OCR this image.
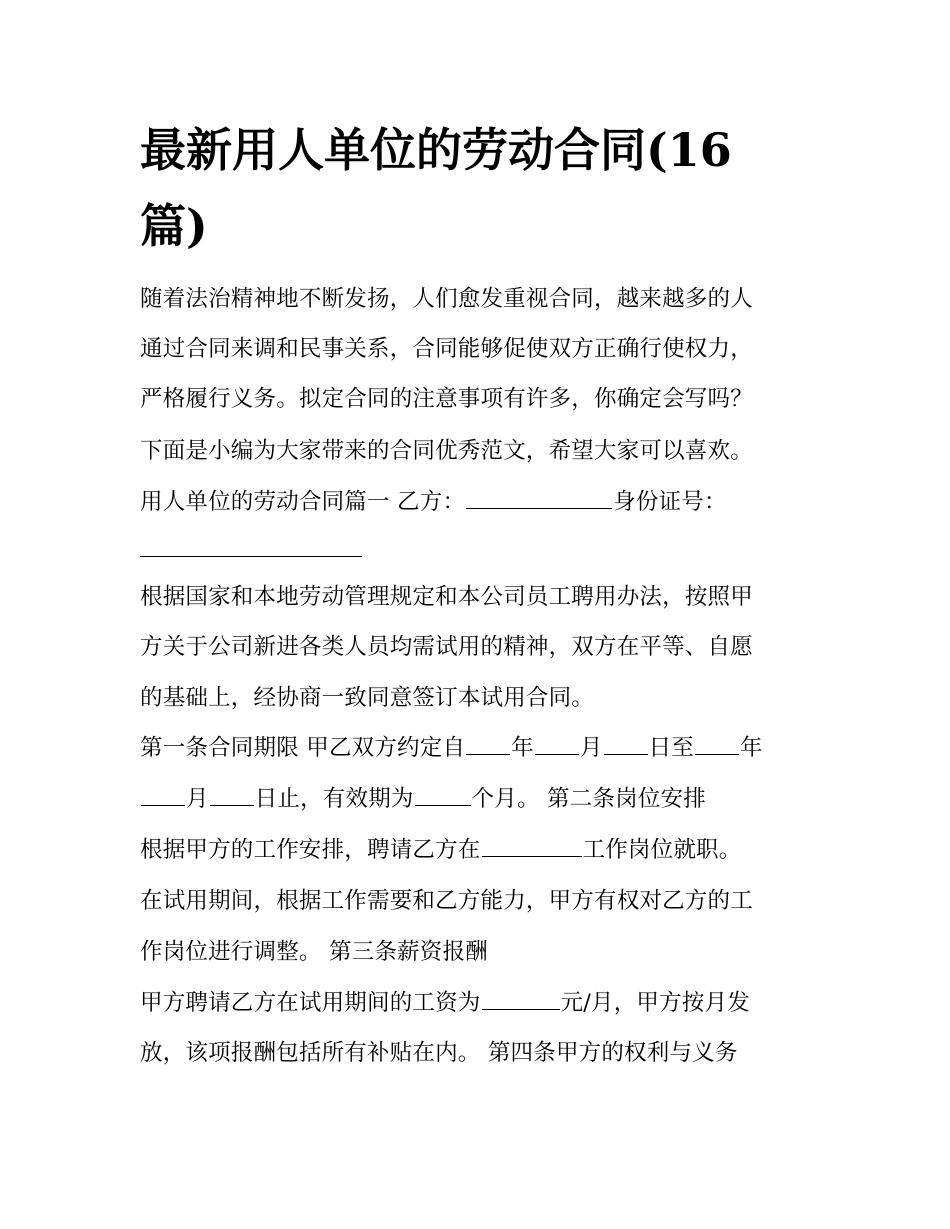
最新用人单位的劳动合同(16
篇)
随着法治精神地不断发扬，人们愈发重视合同，越来越多的人
通过合同来调和民事关系，合同能够促使双方正确行使权力，
严格履行义务。拟定合同的注意事项有许多，你确定会写吗？
下面是小编为大家带来的合同优秀范文，希望大家可以喜欢。
用人单位的劳动合同篇一 乙方：	身份证号：
根据国家和本地劳动管理规定和本公司员工聘用办法，按照甲
方关于公司新进各类人员均需试用的精神，双方在平等、自愿
的基础上，经协商一致同意签订本试用合同。
第一条合同期限 甲乙双方约定自 年 月 日至 年
月 日止，有效期为	个月。 第二条岗位安排
根据甲方的工作安排，聘请乙方在	工作岗位就职。
在试用期间，根据工作需要和乙方能力，甲方有权对乙方的工
作岗位进行调整。 第三条薪资报酬
甲方聘请乙方在试用期间的工资为	元/月，甲方按月发
放，该项报酬包括所有补贴在内。 第四条甲方的权利与义务
